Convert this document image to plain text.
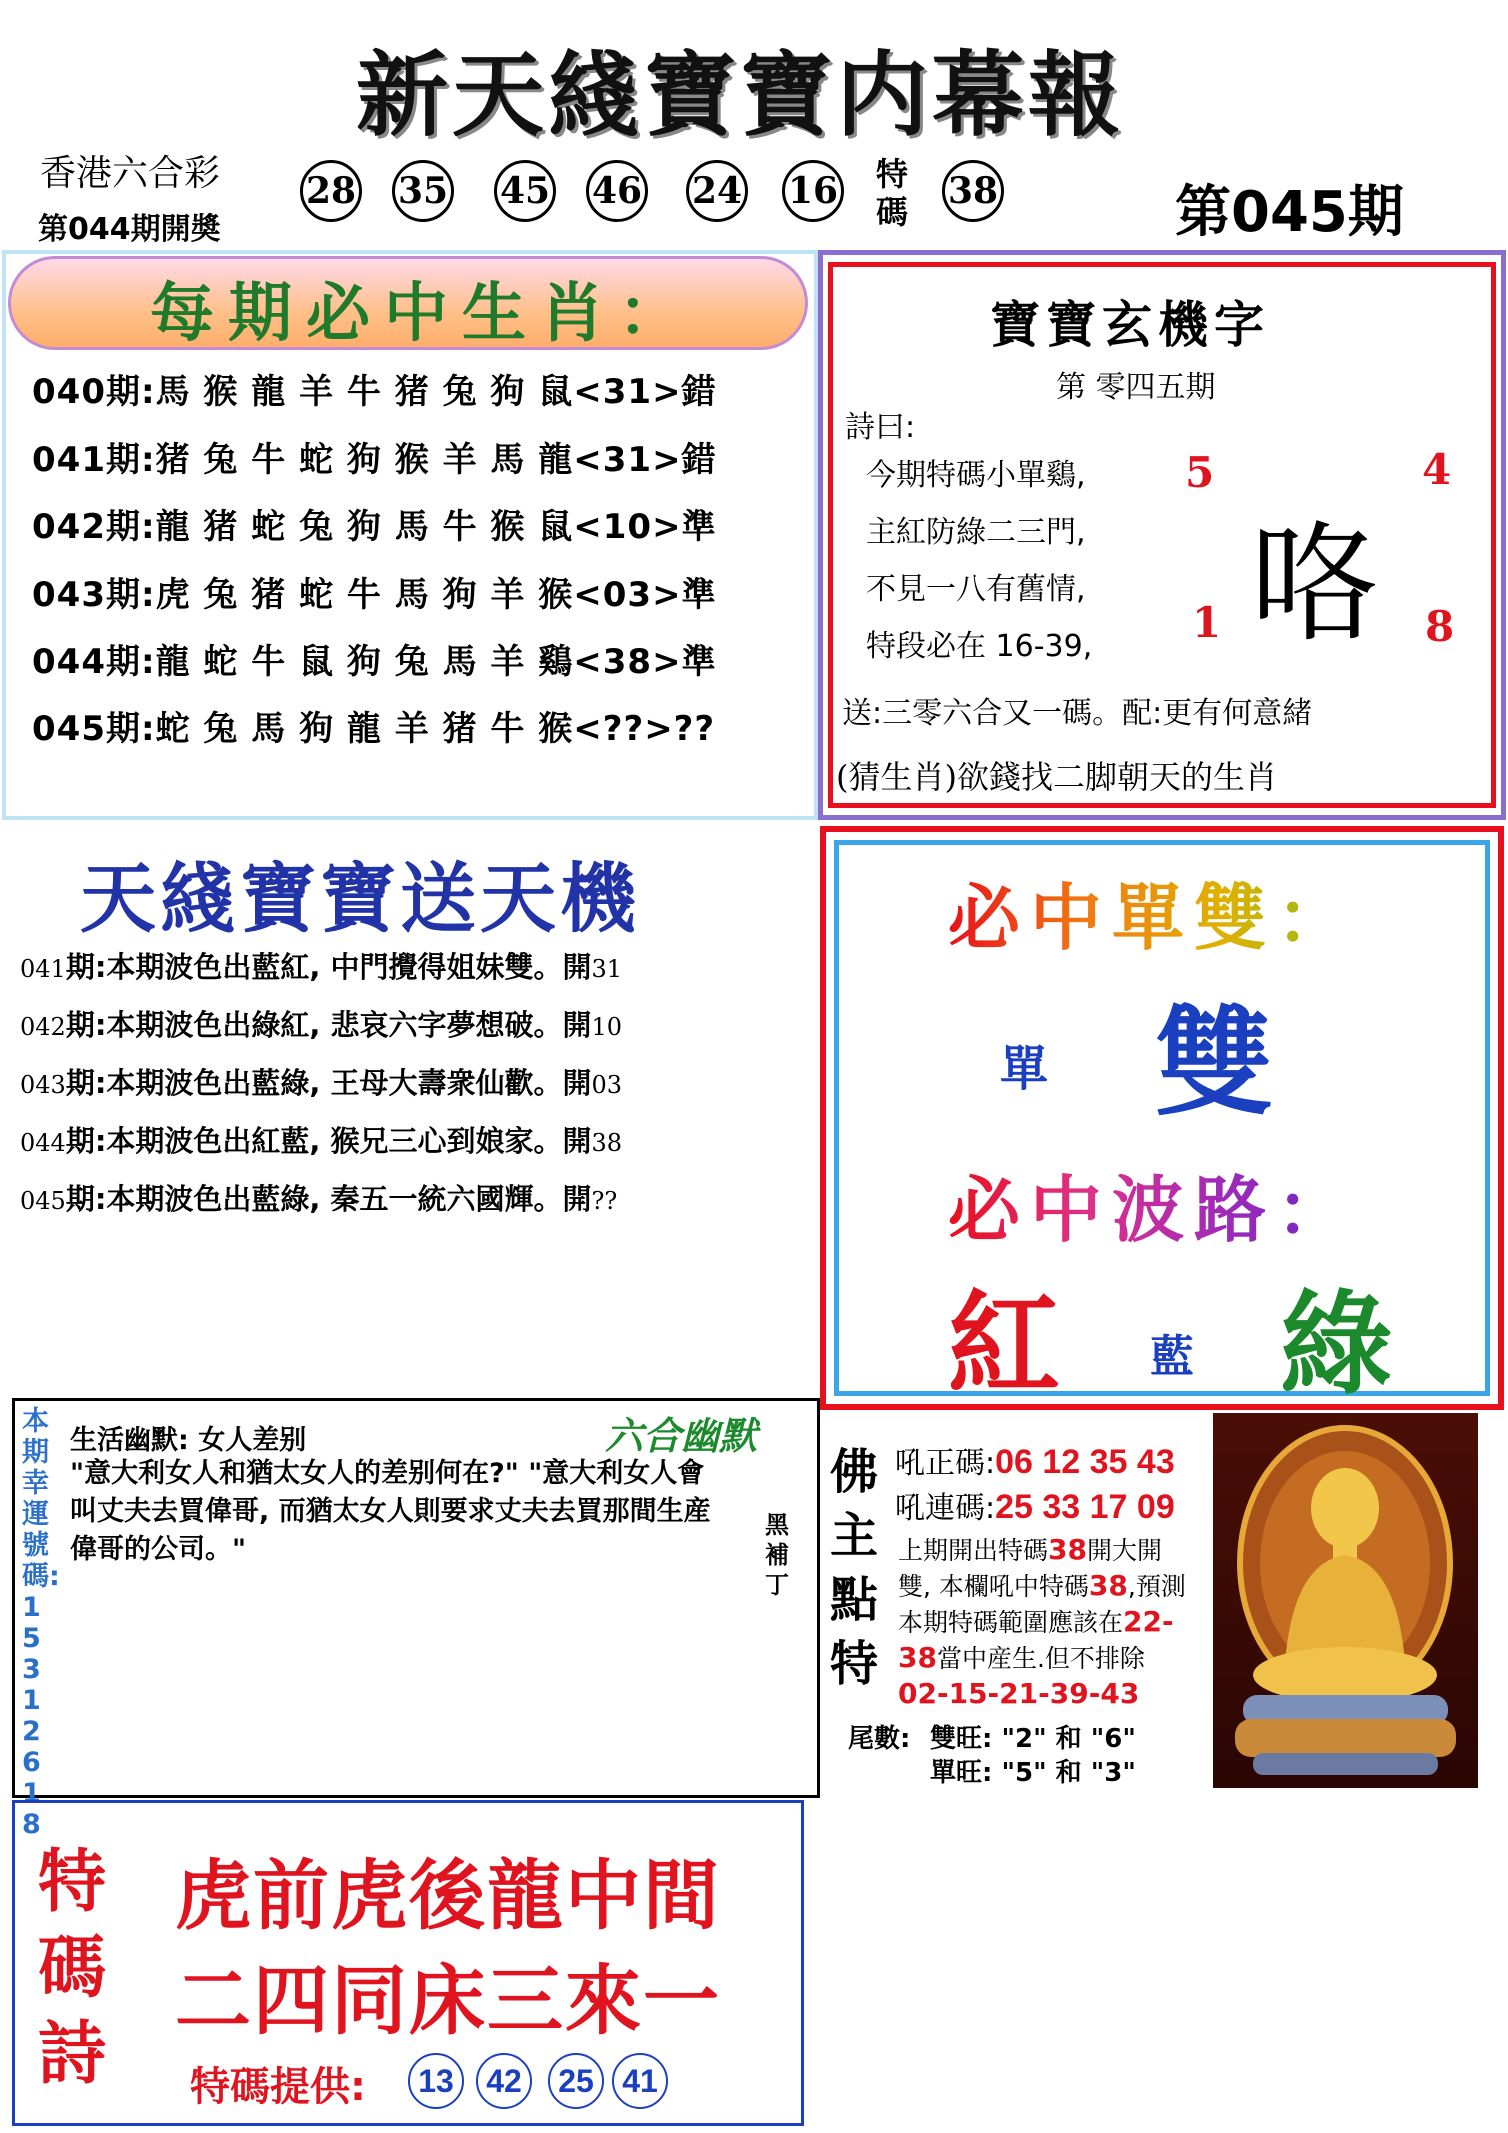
新天綫寶寶内幕報
香港六合彩
第044期開奬
28 35 45 46 24 16 特
碼 38	第045期
每期必中生肖：
040期:馬 猴 龍 羊 牛 猪 兔 狗 鼠<31>錯
041期:猪 兔 牛 蛇 狗 猴 羊 馬 龍<31>錯
042期:龍 猪 蛇 兔 狗 馬 牛 猴 鼠<10>準
043期:虎 兔 猪 蛇 牛 馬 狗 羊 猴<03>準
044期:龍 蛇 牛 鼠 狗 兔 馬 羊 鷄<38>準
045期:蛇 兔 馬 狗 龍 羊 猪 牛 猴<??>??
寶寶玄機字
第 零四五期
詩曰:
今期特碼小單鷄,
主紅防綠二三門,
不見一八有舊情,
特段必在 16-39, 咯
5	4
1	8
送:三零六合又一碼。配:更有何意緒
(猜生肖)欲錢找二脚朝天的生肖
天綫寶寶送天機
041期:本期波色出藍紅, 中門攪得姐妹雙。開31
042期:本期波色出綠紅, 悲哀六字夢想破。開10
043期:本期波色出藍綠, 王母大壽衆仙歡。開03
044期:本期波色出紅藍, 猴兄三心到娘家。開38
045期:本期波色出藍綠, 秦五一統六國輝。開??
必中單雙：
單 雙
必中波路：
紅 藍 綠
本期幸運號碼:15 31 26 18
生活幽默: 女人差别	六合幽默
"意大利女人和猶太女人的差别何在?" "意大利女人會叫丈夫去買偉哥, 而猶太女人則要求丈夫去買那間生産偉哥的公司。"
黑補丁
佛主點特
吼正碼:06 12 35 43
吼連碼:25 33 17 09
上期開出特碼38開大開雙, 本欄吼中特碼38,預測本期特碼範圍應該在22-38當中産生.但不排除02-15-21-39-43
尾數: 雙旺: "2" 和 "6"
單旺: "5" 和 "3"
特
碼
詩
虎前虎後龍中間
二四同床三來一
特碼提供:	13	42	25 41
